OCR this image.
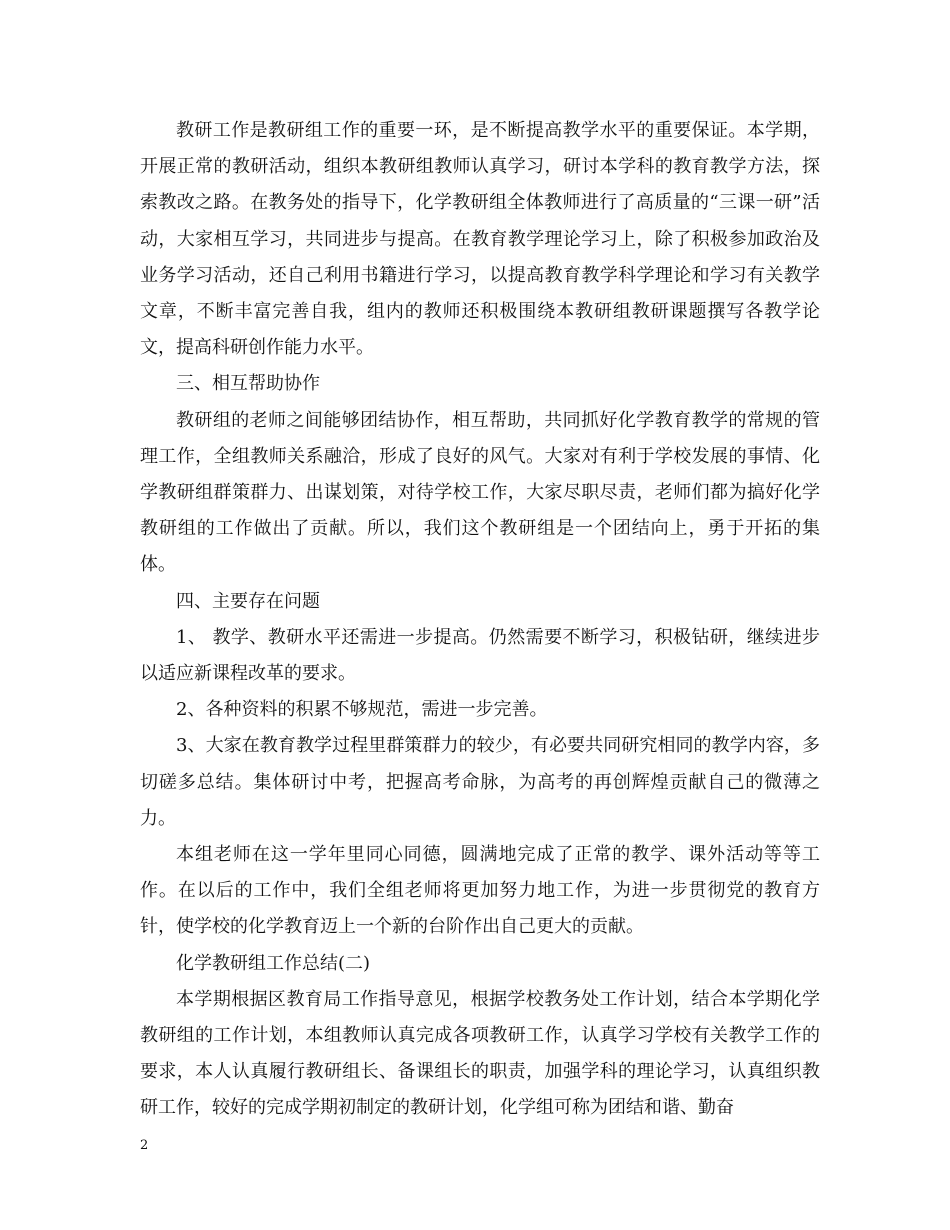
教研工作是教研组工作的重要一环，是不断提高教学水平的重要保证。本学期，开展正常的教研活动，组织本教研组教师认真学习，研讨本学科的教育教学方法，探索教改之路。在教务处的指导下，化学教研组全体教师进行了高质量的“三课一研”活动，大家相互学习，共同进步与提高。在教育教学理论学习上，除了积极参加政治及业务学习活动，还自己利用书籍进行学习，以提高教育教学科学理论和学习有关教学文章，不断丰富完善自我，组内的教师还积极围绕本教研组教研课题撰写各教学论文，提高科研创作能力水平。

三、相互帮助协作

教研组的老师之间能够团结协作，相互帮助，共同抓好化学教育教学的常规的管理工作，全组教师关系融洽，形成了良好的风气。大家对有利于学校发展的事情、化学教研组群策群力、出谋划策，对待学校工作，大家尽职尽责，老师们都为搞好化学教研组的工作做出了贡献。所以，我们这个教研组是一个团结向上，勇于开拓的集体。

四、主要存在问题

1、 教学、教研水平还需进一步提高。仍然需要不断学习，积极钻研，继续进步以适应新课程改革的要求。

2、各种资料的积累不够规范，需进一步完善。

3、大家在教育教学过程里群策群力的较少，有必要共同研究相同的教学内容，多切磋多总结。集体研讨中考，把握高考命脉，为高考的再创辉煌贡献自己的微薄之力。

本组老师在这一学年里同心同德，圆满地完成了正常的教学、课外活动等等工作。在以后的工作中，我们全组老师将更加努力地工作，为进一步贯彻党的教育方针，使学校的化学教育迈上一个新的台阶作出自己更大的贡献。

化学教研组工作总结(二)

本学期根据区教育局工作指导意见，根据学校教务处工作计划，结合本学期化学教研组的工作计划，本组教师认真完成各项教研工作，认真学习学校有关教学工作的要求，本人认真履行教研组长、备课组长的职责，加强学科的理论学习，认真组织教研工作，较好的完成学期初制定的教研计划，化学组可称为团结和谐、勤奋

2
